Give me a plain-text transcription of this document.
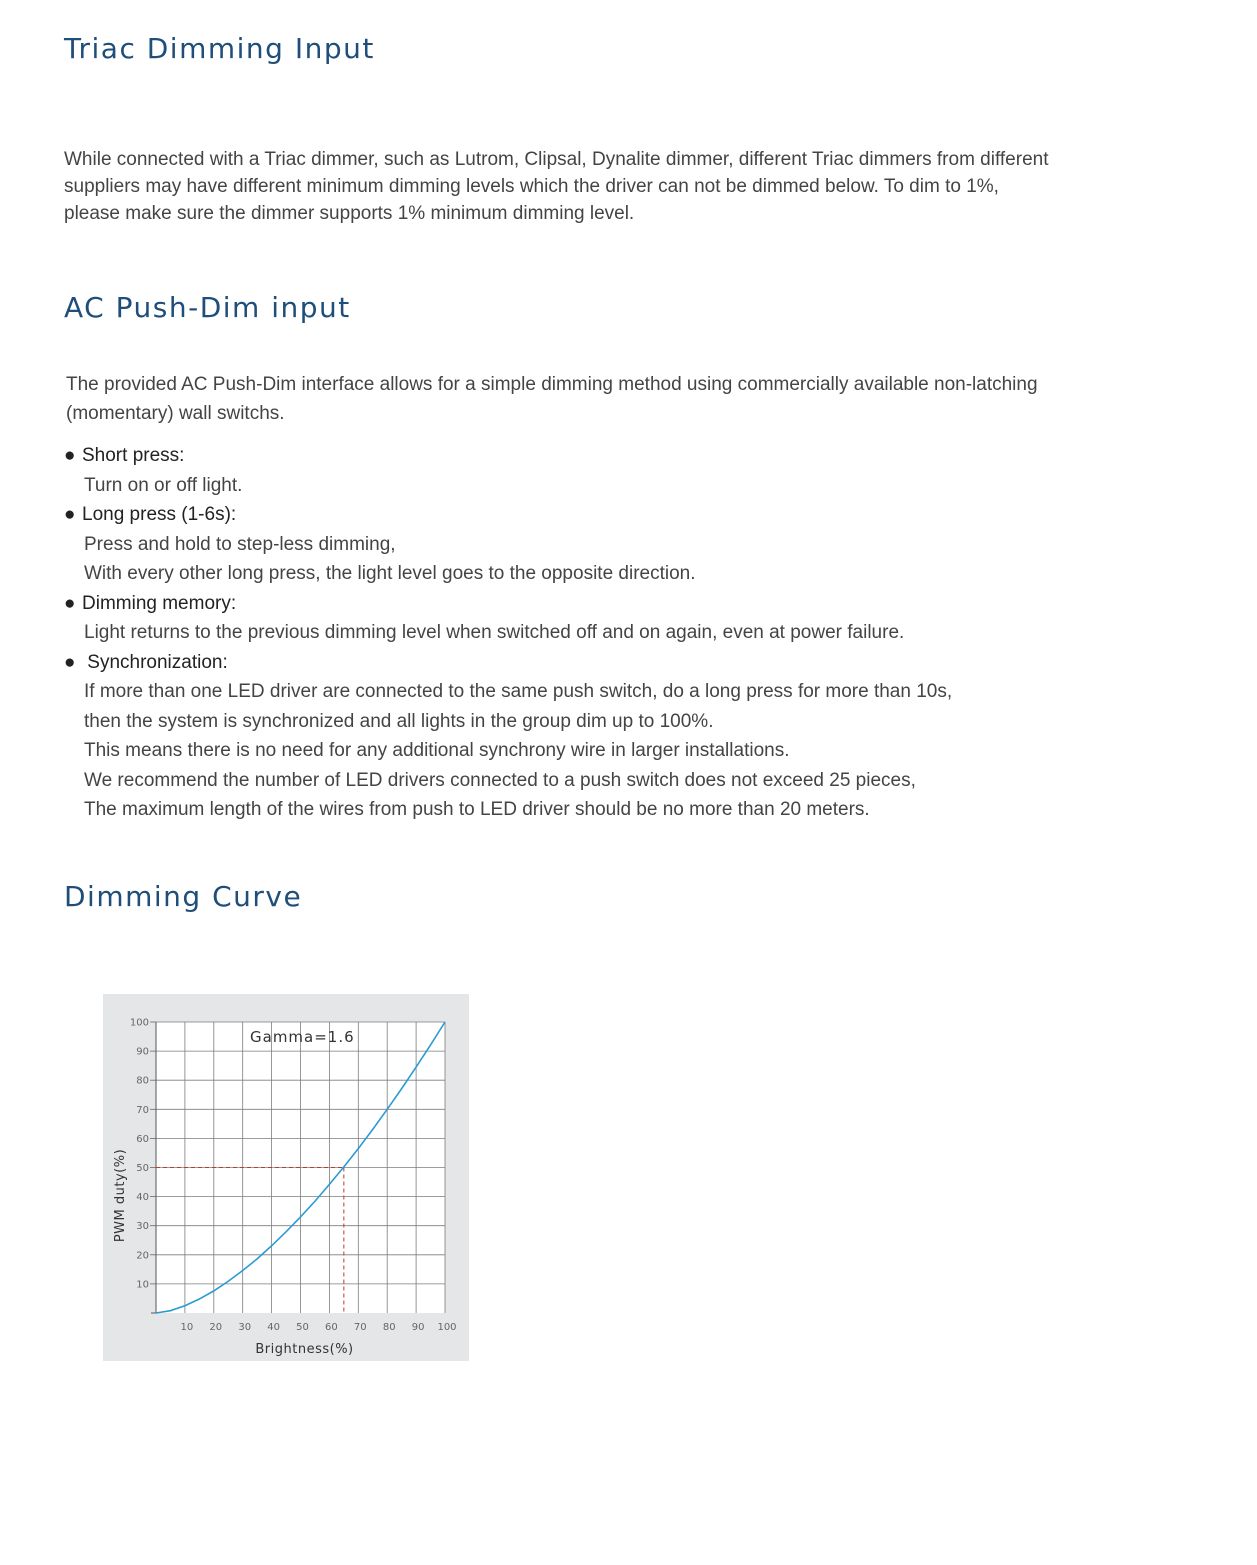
Triac Dimming Input
While connected with a Triac dimmer, such as Lutrom, Clipsal, Dynalite dimmer, different Triac dimmers from different
suppliers may have different minimum dimming levels which the driver can not be dimmed below. To dim to 1%,
please make sure the dimmer supports 1% minimum dimming level.
AC Push-Dim input
The provided AC Push-Dim interface allows for a simple dimming method using commercially available non-latching
(momentary) wall switchs.
● Short press:
Turn on or off light.
● Long press (1-6s):
Press and hold to step-less dimming,
With every other long press, the light level goes to the opposite direction.
● Dimming memory:
Light returns to the previous dimming level when switched off and on again, even at power failure.
● Synchronization:
If more than one LED driver are connected to the same push switch, do a long press for more than 10s,
then the system is synchronized and all lights in the group dim up to 100%.
This means there is no need for any additional synchrony wire in larger installations.
We recommend the number of LED drivers connected to a push switch does not exceed 25 pieces,
The maximum length of the wires from push to LED driver should be no more than 20 meters.
Dimming Curve
10
20
30
40
50
60
70
80
90
100
10 20 30 40 50 60 70 80 90 100
Gamma=1.6
Brightness(%)
PWM duty(%)
